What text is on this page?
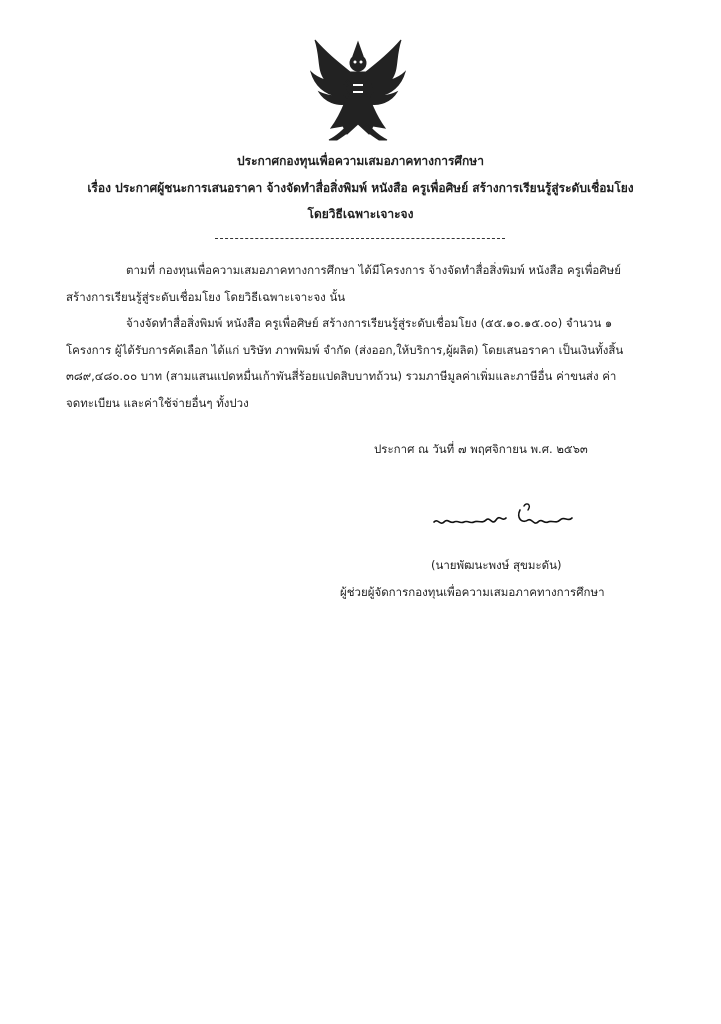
ประกาศกองทุนเพื่อความเสมอภาคทางการศึกษา
เรื่อง ประกาศผู้ชนะการเสนอราคา จ้างจัดทำสื่อสิ่งพิมพ์ หนังสือ ครูเพื่อศิษย์ สร้างการเรียนรู้สู่ระดับเชื่อมโยง
โดยวิธีเฉพาะเจาะจง
ตามที่ กองทุนเพื่อความเสมอภาคทางการศึกษา ได้มีโครงการ จ้างจัดทำสื่อสิ่งพิมพ์ หนังสือ ครูเพื่อศิษย์
สร้างการเรียนรู้สู่ระดับเชื่อมโยง โดยวิธีเฉพาะเจาะจง นั้น
จ้างจัดทำสื่อสิ่งพิมพ์ หนังสือ ครูเพื่อศิษย์ สร้างการเรียนรู้สู่ระดับเชื่อมโยง (๕๕.๑๐.๑๕.๐๐) จำนวน ๑
โครงการ ผู้ได้รับการคัดเลือก ได้แก่ บริษัท ภาพพิมพ์ จำกัด (ส่งออก,ให้บริการ,ผู้ผลิต) โดยเสนอราคา เป็นเงินทั้งสิ้น
๓๘๙,๔๘๐.๐๐ บาท (สามแสนแปดหมื่นเก้าพันสี่ร้อยแปดสิบบาทถ้วน) รวมภาษีมูลค่าเพิ่มและภาษีอื่น ค่าขนส่ง ค่า
จดทะเบียน และค่าใช้จ่ายอื่นๆ ทั้งปวง
ประกาศ ณ วันที่ ๗ พฤศจิกายน พ.ศ. ๒๕๖๓
(นายพัฒนะพงษ์ สุขมะดัน)
ผู้ช่วยผู้จัดการกองทุนเพื่อความเสมอภาคทางการศึกษา
